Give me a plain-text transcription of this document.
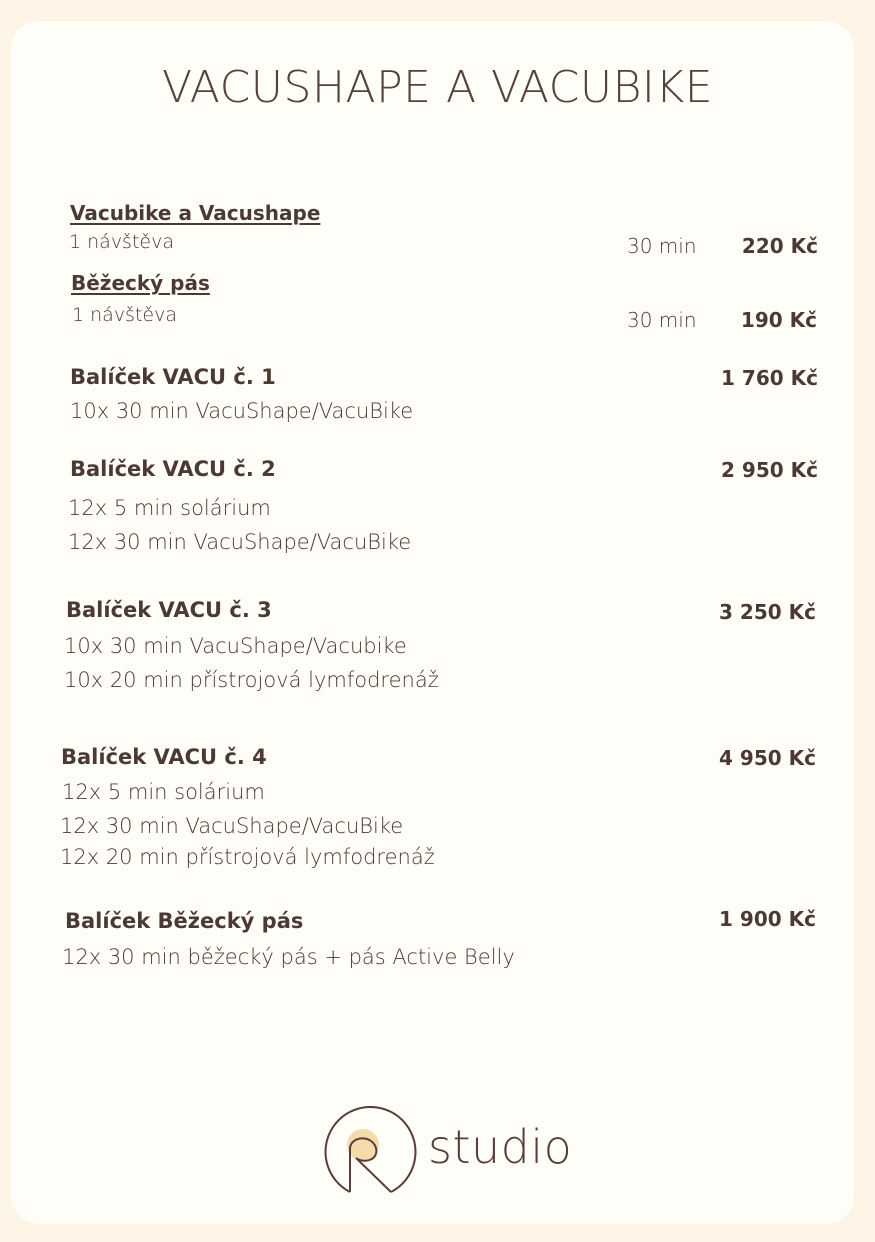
VACUSHAPE A VACUBIKE
Vacubike a Vacushape
1 návštěva	30 min 220 Kč
Běžecký pás
1 návštěva	30 min 190 Kč
Balíček VACU č. 1	1 760 Kč
10x 30 min VacuShape/VacuBike
Balíček VACU č. 2	2 950 Kč
12x 5 min solárium
12x 30 min VacuShape/VacuBike
Balíček VACU č. 3	3 250 Kč
10x 30 min VacuShape/Vacubike
10x 20 min přístrojová lymfodrenáž
Balíček VACU č. 4	4 950 Kč
12x 5 min solárium
12x 30 min VacuShape/VacuBike
12x 20 min přístrojová lymfodrenáž
Balíček Běžecký pás	1 900 Kč
12x 30 min běžecký pás + pás Active Belly
studio
